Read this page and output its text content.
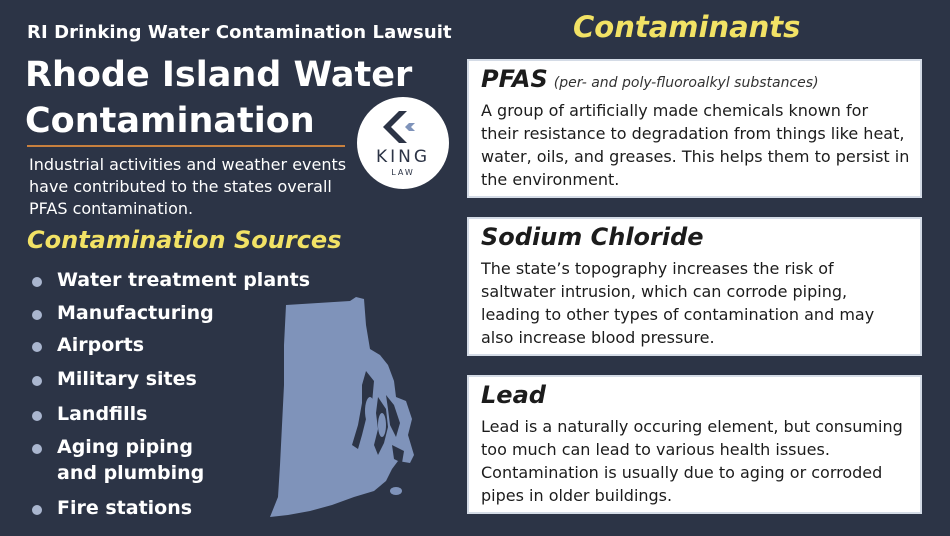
RI Drinking Water Contamination Lawsuit
Rhode Island Water Contamination
Industrial activities and weather events have contributed to the states overall PFAS contamination.
KING
LAW
Contamination Sources
Water treatment plants
Manufacturing
Airports
Military sites
Landfills
Aging piping
and plumbing
Fire stations
Contaminants
PFAS (per- and poly-fluoroalkyl substances)
A group of artificially made chemicals known for their resistance to degradation from things like heat, water, oils, and greases. This helps them to persist in the environment.
Sodium Chloride
The state’s topography increases the risk of saltwater intrusion, which can corrode piping, leading to other types of contamination and may also increase blood pressure.
Lead
Lead is a naturally occuring element, but consuming too much can lead to various health issues. Contamination is usually due to aging or corroded pipes in older buildings.
